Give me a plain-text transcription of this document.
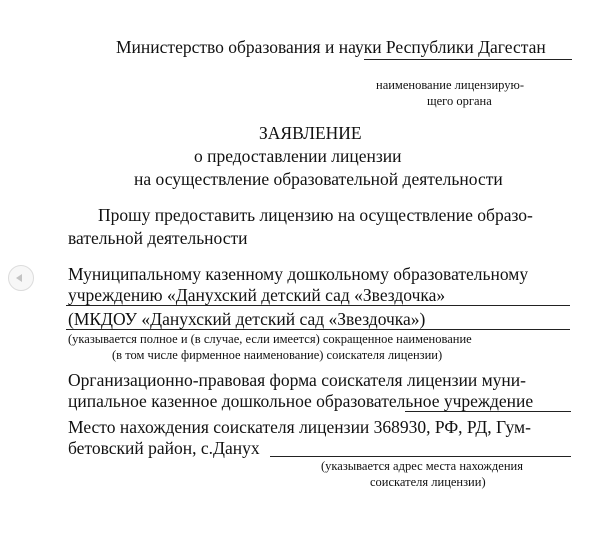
Министерство образования и науки Республики Дагестан
наименование лицензирую-
щего органа
ЗАЯВЛЕНИЕ
о предоставлении лицензии
на осуществление образовательной деятельности
Прошу предоставить лицензию на осуществление образо-
вательной деятельности
Муниципальному казенному дошкольному образовательному
учреждению «Данухский детский сад «Звездочка»
(МКДОУ «Данухский детский сад «Звездочка»)
(указывается полное и (в случае, если имеется) сокращенное наименование
(в том числе фирменное наименование) соискателя лицензии)
Организационно-правовая форма соискателя лицензии муни-
ципальное казенное дошкольное образовательное учреждение
Место нахождения соискателя лицензии 368930, РФ, РД, Гум-
бетовский район, с.Данух
(указывается адрес места нахождения
соискателя лицензии)
